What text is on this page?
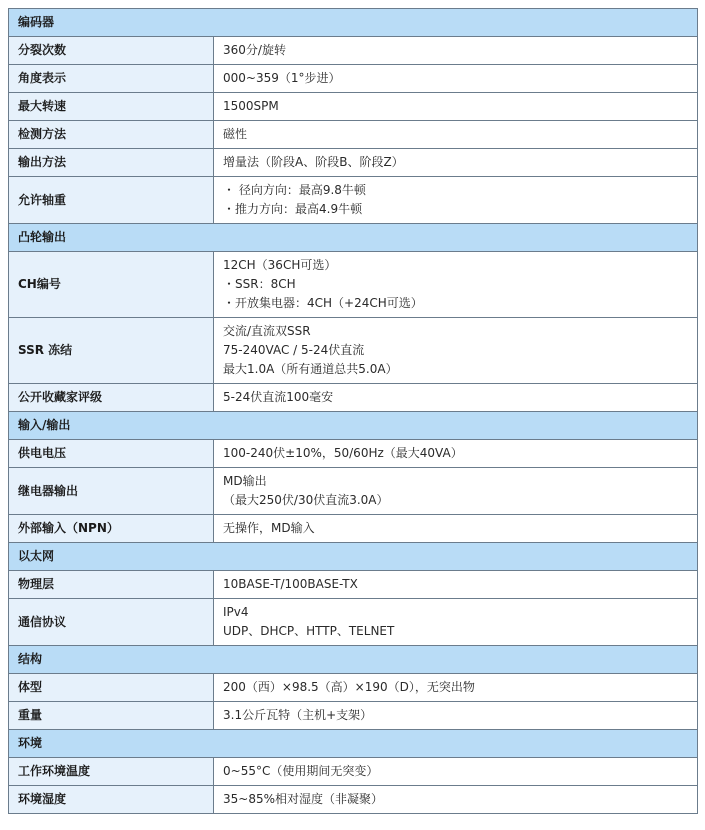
编码器	
分裂次数	360分/旋转

角度表示	000~359（1°步进）

最大转速	1500SPM

检测方法	磁性

输出方法	增量法（阶段A、阶段B、阶段Z）

允许轴重	・ 径向方向：最高9.8牛顿
・推力方向：最高4.9牛顿

凸轮输出	
CH编号	12CH（36CH可选）
・SSR：8CH
・开放集电器：4CH（+24CH可选）

SSR 冻结	交流/直流双SSR
75-240VAC / 5-24伏直流
最大1.0A（所有通道总共5.0A）

公开收藏家评级	5-24伏直流100毫安

输入/输出	
供电电压	100-240伏±10%，50/60Hz（最大40VA）

继电器输出	MD输出
（最大250伏/30伏直流3.0A）

外部输入（NPN）	无操作，MD输入

以太网	
物理层	10BASE-T/100BASE-TX

通信协议	IPv4
UDP、DHCP、HTTP、TELNET

结构	
体型	200（西）×98.5（高）×190（D），无突出物

重量	3.1公斤瓦特（主机+支架）

环境	
工作环境温度	0~55°C（使用期间无突变）

环境湿度	35~85%相对湿度（非凝聚）
